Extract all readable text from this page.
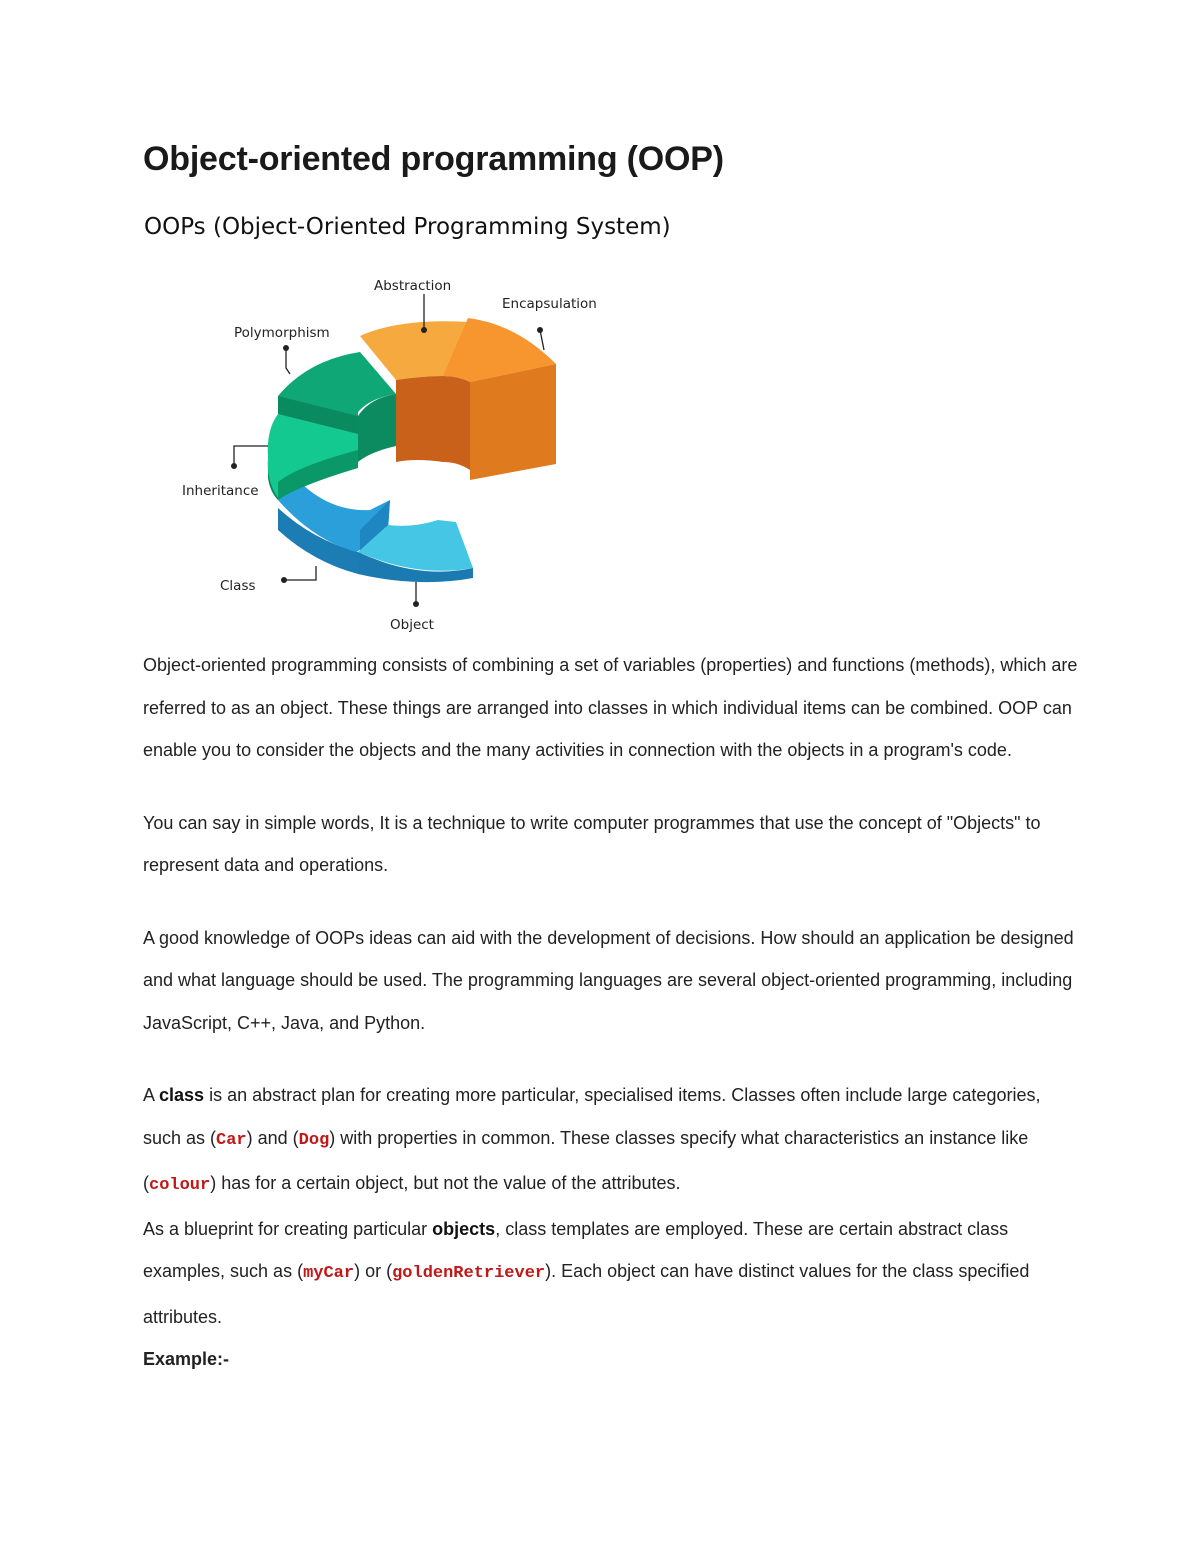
Object-oriented programming (OOP)
OOPs (Object-Oriented Programming System)
Abstraction
Encapsulation
Polymorphism
Inheritance
Class
Object

Object-oriented programming consists of combining a set of variables (properties) and functions (methods), which are referred to as an object. These things are arranged into classes in which individual items can be combined. OOP can enable you to consider the objects and the many activities in connection with the objects in a program's code.

You can say in simple words, It is a technique to write computer programmes that use the concept of "Objects" to represent data and operations.

A good knowledge of OOPs ideas can aid with the development of decisions. How should an application be designed and what language should be used. The programming languages are several object-oriented programming, including JavaScript, C++, Java, and Python.

A class is an abstract plan for creating more particular, specialised items. Classes often include large categories, such as (Car) and (Dog) with properties in common. These classes specify what characteristics an instance like (colour) has for a certain object, but not the value of the attributes.

As a blueprint for creating particular objects, class templates are employed. These are certain abstract class examples, such as (myCar) or (goldenRetriever). Each object can have distinct values for the class specified attributes.

Example:-
